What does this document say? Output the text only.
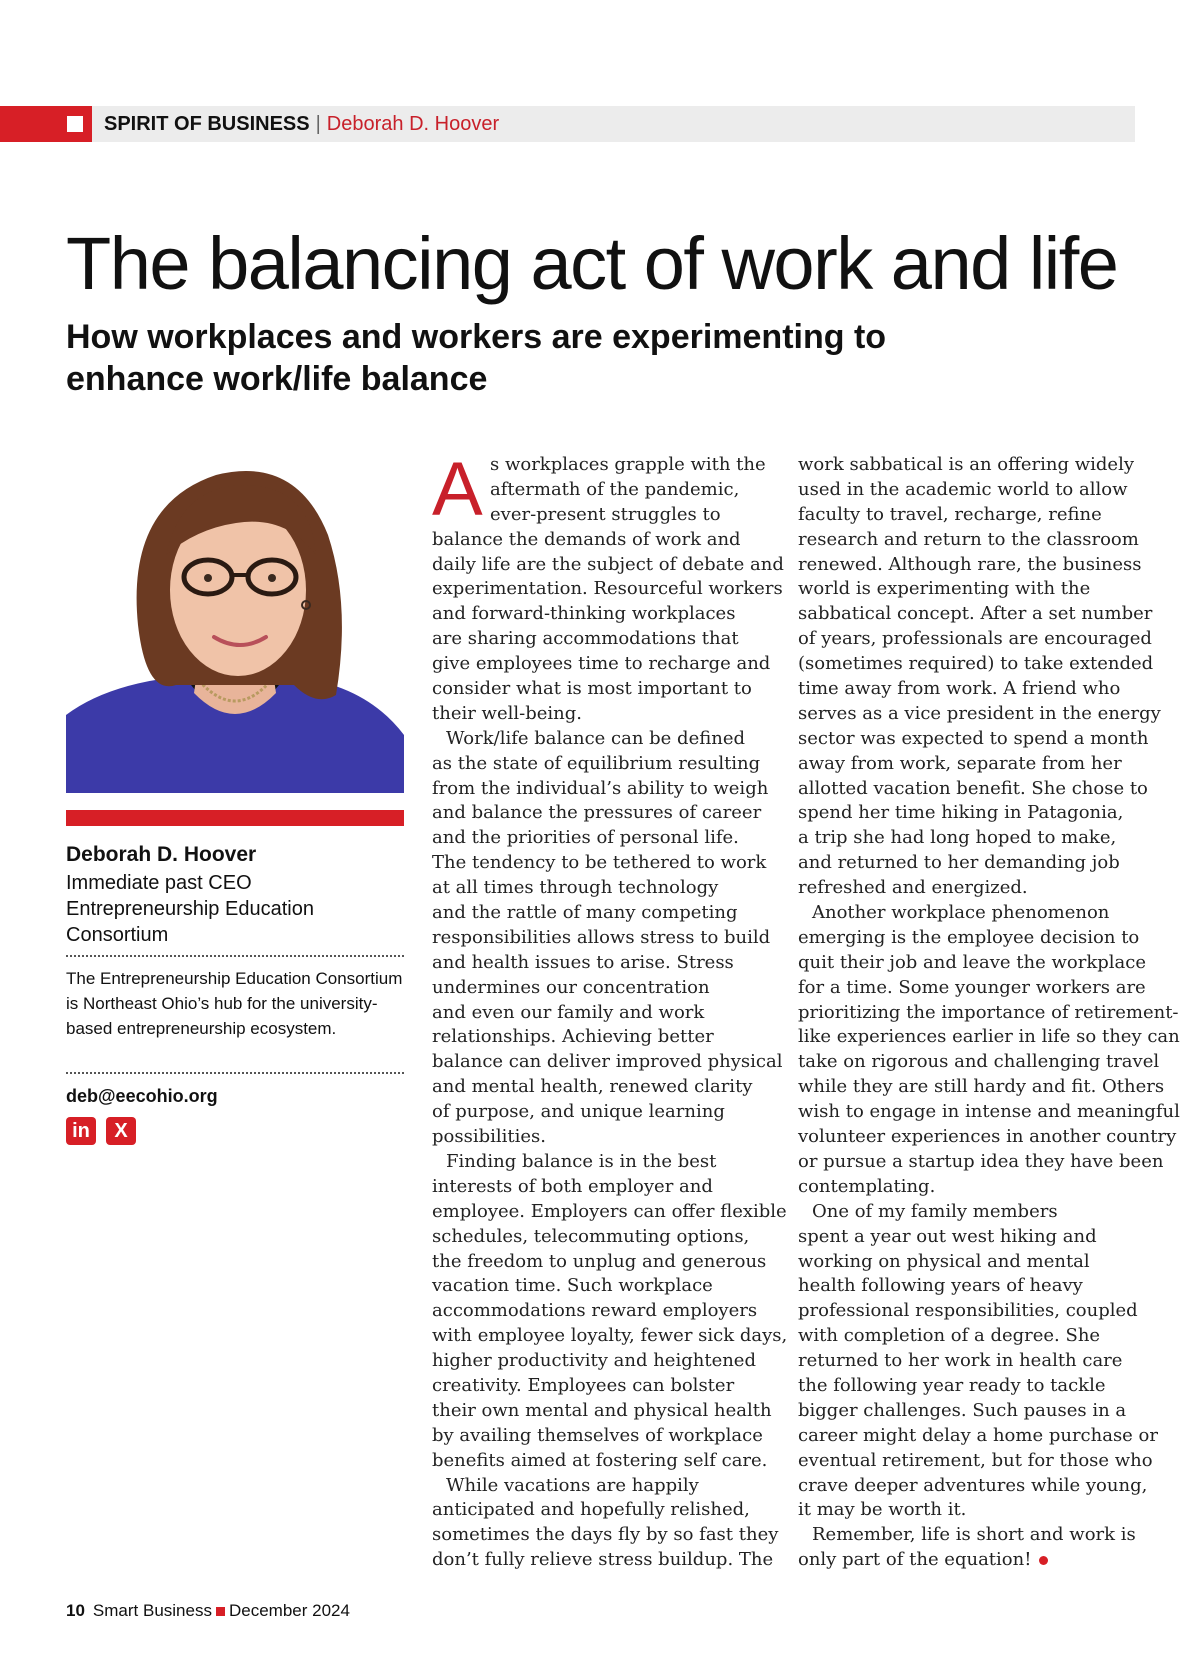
SPIRIT OF BUSINESS | Deborah D. Hoover
The balancing act of work and life
How workplaces and workers are experimenting to enhance work/life balance
Deborah D. Hoover
Immediate past CEO
Entrepreneurship Education
Consortium
The Entrepreneurship Education Consortium is Northeast Ohio’s hub for the university-based entrepreneurship ecosystem.
deb@eecohio.org
in	X
A s workplaces grapple with the
aftermath of the pandemic,
ever-present struggles to
balance the demands of work and
daily life are the subject of debate and
experimentation. Resourceful workers
and forward-thinking workplaces
are sharing accommodations that
give employees time to recharge and
consider what is most important to
their well-being.
Work/life balance can be defined
as the state of equilibrium resulting
from the individual’s ability to weigh
and balance the pressures of career
and the priorities of personal life.
The tendency to be tethered to work
at all times through technology
and the rattle of many competing
responsibilities allows stress to build
and health issues to arise. Stress
undermines our concentration
and even our family and work
relationships. Achieving better
balance can deliver improved physical
and mental health, renewed clarity
of purpose, and unique learning
possibilities.
Finding balance is in the best
interests of both employer and
employee. Employers can offer flexible
schedules, telecommuting options,
the freedom to unplug and generous
vacation time. Such workplace
accommodations reward employers
with employee loyalty, fewer sick days,
higher productivity and heightened
creativity. Employees can bolster
their own mental and physical health
by availing themselves of workplace
benefits aimed at fostering self care.
While vacations are happily
anticipated and hopefully relished,
sometimes the days fly by so fast they
don’t fully relieve stress buildup. The
work sabbatical is an offering widely
used in the academic world to allow
faculty to travel, recharge, refine
research and return to the classroom
renewed. Although rare, the business
world is experimenting with the
sabbatical concept. After a set number
of years, professionals are encouraged
(sometimes required) to take extended
time away from work. A friend who
serves as a vice president in the energy
sector was expected to spend a month
away from work, separate from her
allotted vacation benefit. She chose to
spend her time hiking in Patagonia,
a trip she had long hoped to make,
and returned to her demanding job
refreshed and energized.
Another workplace phenomenon
emerging is the employee decision to
quit their job and leave the workplace
for a time. Some younger workers are
prioritizing the importance of retirement-
like experiences earlier in life so they can
take on rigorous and challenging travel
while they are still hardy and fit. Others
wish to engage in intense and meaningful
volunteer experiences in another country
or pursue a startup idea they have been
contemplating.
One of my family members
spent a year out west hiking and
working on physical and mental
health following years of heavy
professional responsibilities, coupled
with completion of a degree. She
returned to her work in health care
the following year ready to tackle
bigger challenges. Such pauses in a
career might delay a home purchase or
eventual retirement, but for those who
crave deeper adventures while young,
it may be worth it.
Remember, life is short and work is
only part of the equation!
10 Smart Business December 2024
